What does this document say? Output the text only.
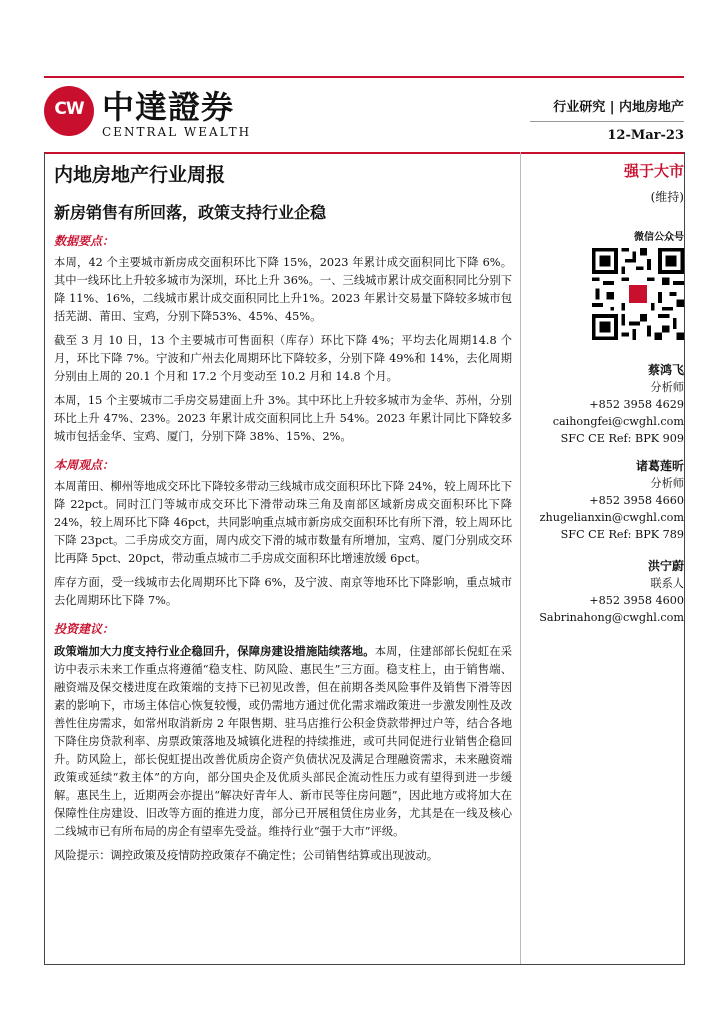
CW 中達證券
CENTRAL WEALTH
行业研究 | 内地房地产
12-Mar-23
内地房地产行业周报
新房销售有所回落，政策支持行业企稳
数据要点：

本周，42 个主要城市新房成交面积环比下降 15%，2023 年累计成交面积同比下降 6%。其中一线环比上升较多城市为深圳，环比上升 36%。一、三线城市累计成交面积同比分别下降 11%、16%，二线城市累计成交面积同比上升1%。2023 年累计交易量下降较多城市包括芜湖、莆田、宝鸡，分别下降53%、45%、45%。

截至 3 月 10 日，13 个主要城市可售面积（库存）环比下降 4%；平均去化周期14.8 个月，环比下降 7%。宁波和广州去化周期环比下降较多，分别下降 49%和 14%，去化周期分别由上周的 20.1 个月和 17.2 个月变动至 10.2 月和 14.8 个月。

本周，15 个主要城市二手房交易建面上升 3%。其中环比上升较多城市为金华、苏州，分别环比上升 47%、23%。2023 年累计成交面积同比上升 54%。2023 年累计同比下降较多城市包括金华、宝鸡、厦门，分别下降 38%、15%、2%。

本周观点：

本周莆田、柳州等地成交环比下降较多带动三线城市成交面积环比下降 24%，较上周环比下降 22pct。同时江门等城市成交环比下滑带动珠三角及南部区域新房成交面积环比下降 24%，较上周环比下降 46pct，共同影响重点城市新房成交面积环比有所下滑，较上周环比下降 23pct。二手房成交方面，周内成交下滑的城市数量有所增加，宝鸡、厦门分别成交环比再降 5pct、20pct，带动重点城市二手房成交面积环比增速放缓 6pct。

库存方面，受一线城市去化周期环比下降 6%，及宁波、南京等地环比下降影响，重点城市去化周期环比下降 7%。

投资建议：

政策端加大力度支持行业企稳回升，保障房建设措施陆续落地。本周，住建部部长倪虹在采访中表示未来工作重点将遵循“稳支柱、防风险、惠民生”三方面。稳支柱上，由于销售端、融资端及保交楼进度在政策端的支持下已初见改善，但在前期各类风险事件及销售下滑等因素的影响下，市场主体信心恢复较慢，或仍需地方通过优化需求端政策进一步激发刚性及改善性住房需求，如常州取消新房 2 年限售期、驻马店推行公积金贷款带押过户等，结合各地下降住房贷款利率、房票政策落地及城镇化进程的持续推进，或可共同促进行业销售企稳回升。防风险上，部长倪虹提出改善优质房企资产负债状况及满足合理融资需求，未来融资端政策或延续“救主体”的方向，部分国央企及优质头部民企流动性压力或有望得到进一步缓解。惠民生上，近期两会亦提出“解决好青年人、新市民等住房问题”，因此地方或将加大在保障性住房建设、旧改等方面的推进力度，部分已开展租赁住房业务，尤其是在一线及核心二线城市已有所布局的房企有望率先受益。维持行业“强于大市”评级。

风险提示：调控政策及疫情防控政策存不确定性；公司销售结算或出现波动。

强于大市
(维持)
微信公众号
蔡鸿飞
分析师
+852 3958 4629
caihongfei@cwghl.com
SFC CE Ref: BPK 909
诸葛莲昕
分析师
+852 3958 4660
zhugelianxin@cwghl.com
SFC CE Ref: BPK 789
洪宁蔚
联系人
+852 3958 4600
Sabrinahong@cwghl.com
